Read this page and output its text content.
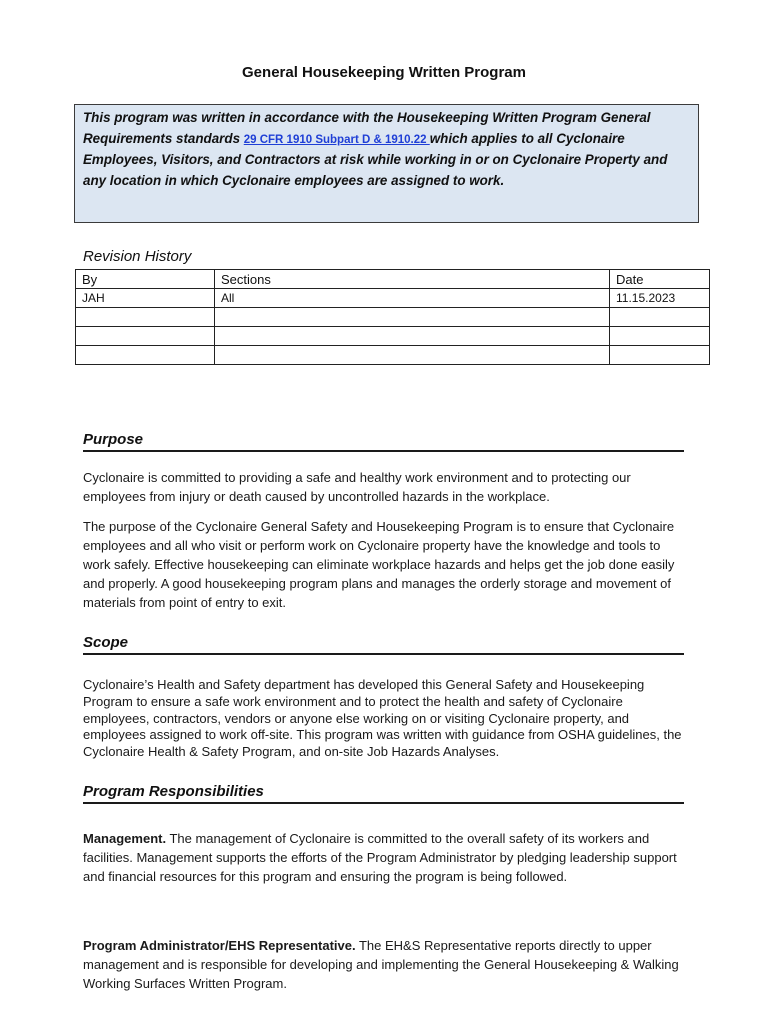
General Housekeeping Written Program
This program was written in accordance with the Housekeeping Written Program General Requirements standards 29 CFR 1910 Subpart D & 1910.22 which applies to all Cyclonaire Employees, Visitors, and Contractors at risk while working in or on Cyclonaire Property and any location in which Cyclonaire employees are assigned to work.
Revision History
By	Sections	Date
JAH	All	11.15.2023

Purpose
Cyclonaire is committed to providing a safe and healthy work environment and to protecting our employees from injury or death caused by uncontrolled hazards in the workplace.
The purpose of the Cyclonaire General Safety and Housekeeping Program is to ensure that Cyclonaire employees and all who visit or perform work on Cyclonaire property have the knowledge and tools to work safely. Effective housekeeping can eliminate workplace hazards and helps get the job done easily and properly. A good housekeeping program plans and manages the orderly storage and movement of materials from point of entry to exit.
Scope
Cyclonaire’s Health and Safety department has developed this General Safety and Housekeeping Program to ensure a safe work environment and to protect the health and safety of Cyclonaire employees, contractors, vendors or anyone else working on or visiting Cyclonaire property, and employees assigned to work off-site. This program was written with guidance from OSHA guidelines, the Cyclonaire Health & Safety Program, and on-site Job Hazards Analyses.
Program Responsibilities
Management. The management of Cyclonaire is committed to the overall safety of its workers and facilities. Management supports the efforts of the Program Administrator by pledging leadership support and financial resources for this program and ensuring the program is being followed.
Program Administrator/EHS Representative. The EH&S Representative reports directly to upper management and is responsible for developing and implementing the General Housekeeping & Walking Working Surfaces Written Program.
